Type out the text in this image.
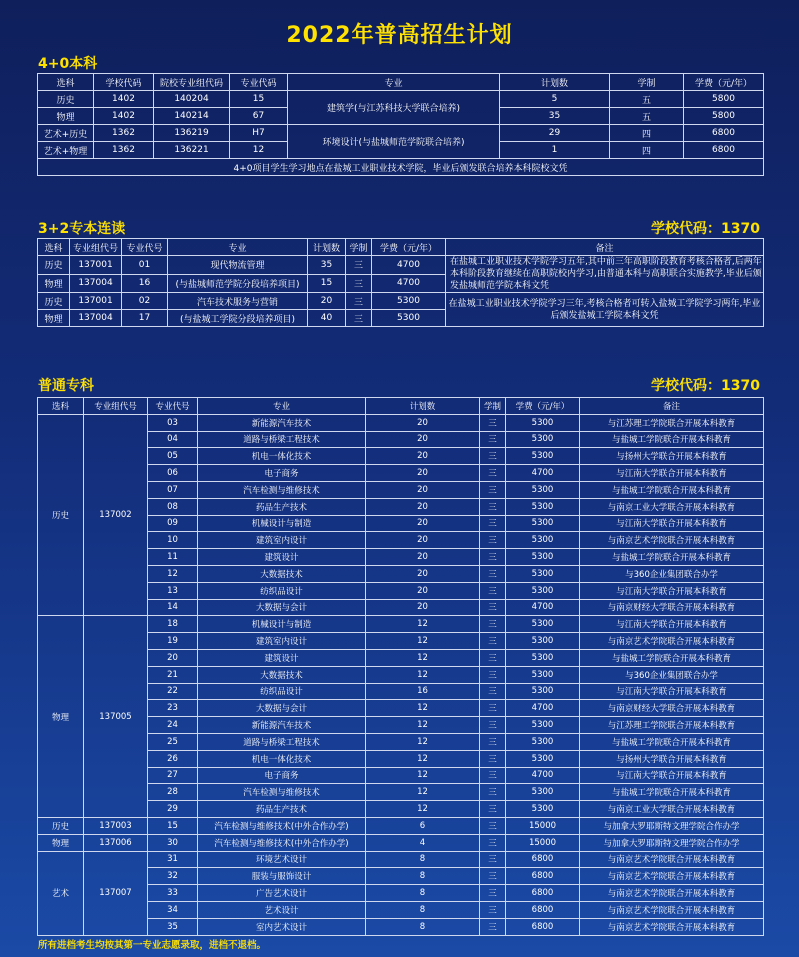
2022年普高招生计划
4+0本科
选科	学校代码	院校专业组代码	专业代码	专业	计划数	学制	学费（元/年）
历史	1402	140204	15	建筑学(与江苏科技大学联合培养)	5	五	5800
物理	1402	140214	67		35	五	5800
艺术+历史	1362	136219	H7	环境设计(与盐城师范学院联合培养)	29	四	6800
艺术+物理	1362	136221	12		1	四	6800
4+0项目学生学习地点在盐城工业职业技术学院，毕业后颁发联合培养本科院校文凭							
3+2专本连读	学校代码：1370
选科	专业组代号	专业代号	专业	计划数	学制	学费（元/年）	备注
历史	137001	01	现代物流管理	35	三	4700	在盐城工业职业技术学院学习五年,其中前三年高职阶段教育考核合格者,后两年本科阶段教育继续在高职院校内学习,由普通本科与高职联合实施教学,毕业后颁发盐城师范学院本科文凭
物理	137004	16	(与盐城师范学院分段培养项目)	15	三	4700	
历史	137001	02	汽车技术服务与营销	20	三	5300	在盐城工业职业技术学院学习三年,考核合格者可转入盐城工学院学习两年,毕业后颁发盐城工学院本科文凭
物理	137004	17	(与盐城工学院分段培养项目)	40	三	5300	
普通专科	学校代码：1370
选科	专业组代号	专业代号	专业	计划数	学制	学费（元/年）	备注
历史	137002	03	新能源汽车技术	20	三	5300	与江苏理工学院联合开展本科教育
		04	道路与桥梁工程技术	20	三	5300	与盐城工学院联合开展本科教育
		05	机电一体化技术	20	三	5300	与扬州大学联合开展本科教育
		06	电子商务	20	三	4700	与江南大学联合开展本科教育
		07	汽车检测与维修技术	20	三	5300	与盐城工学院联合开展本科教育
		08	药品生产技术	20	三	5300	与南京工业大学联合开展本科教育
		09	机械设计与制造	20	三	5300	与江南大学联合开展本科教育
		10	建筑室内设计	20	三	5300	与南京艺术学院联合开展本科教育
		11	建筑设计	20	三	5300	与盐城工学院联合开展本科教育
		12	大数据技术	20	三	5300	与360企业集团联合办学
		13	纺织品设计	20	三	5300	与江南大学联合开展本科教育
		14	大数据与会计	20	三	4700	与南京财经大学联合开展本科教育
物理	137005	18	机械设计与制造	12	三	5300	与江南大学联合开展本科教育
		19	建筑室内设计	12	三	5300	与南京艺术学院联合开展本科教育
		20	建筑设计	12	三	5300	与盐城工学院联合开展本科教育
		21	大数据技术	12	三	5300	与360企业集团联合办学
		22	纺织品设计	16	三	5300	与江南大学联合开展本科教育
		23	大数据与会计	12	三	4700	与南京财经大学联合开展本科教育
		24	新能源汽车技术	12	三	5300	与江苏理工学院联合开展本科教育
		25	道路与桥梁工程技术	12	三	5300	与盐城工学院联合开展本科教育
		26	机电一体化技术	12	三	5300	与扬州大学联合开展本科教育
		27	电子商务	12	三	4700	与江南大学联合开展本科教育
		28	汽车检测与维修技术	12	三	5300	与盐城工学院联合开展本科教育
		29	药品生产技术	12	三	5300	与南京工业大学联合开展本科教育
历史	137003	15	汽车检测与维修技术(中外合作办学)	6	三	15000	与加拿大罗耶斯特文理学院合作办学
物理	137006	30	汽车检测与维修技术(中外合作办学)	4	三	15000	与加拿大罗耶斯特文理学院合作办学
艺术	137007	31	环境艺术设计	8	三	6800	与南京艺术学院联合开展本科教育
		32	服装与服饰设计	8	三	6800	与南京艺术学院联合开展本科教育
		33	广告艺术设计	8	三	6800	与南京艺术学院联合开展本科教育
		34	艺术设计	8	三	6800	与南京艺术学院联合开展本科教育
		35	室内艺术设计	8	三	6800	与南京艺术学院联合开展本科教育
所有进档考生均按其第一专业志愿录取，进档不退档。
